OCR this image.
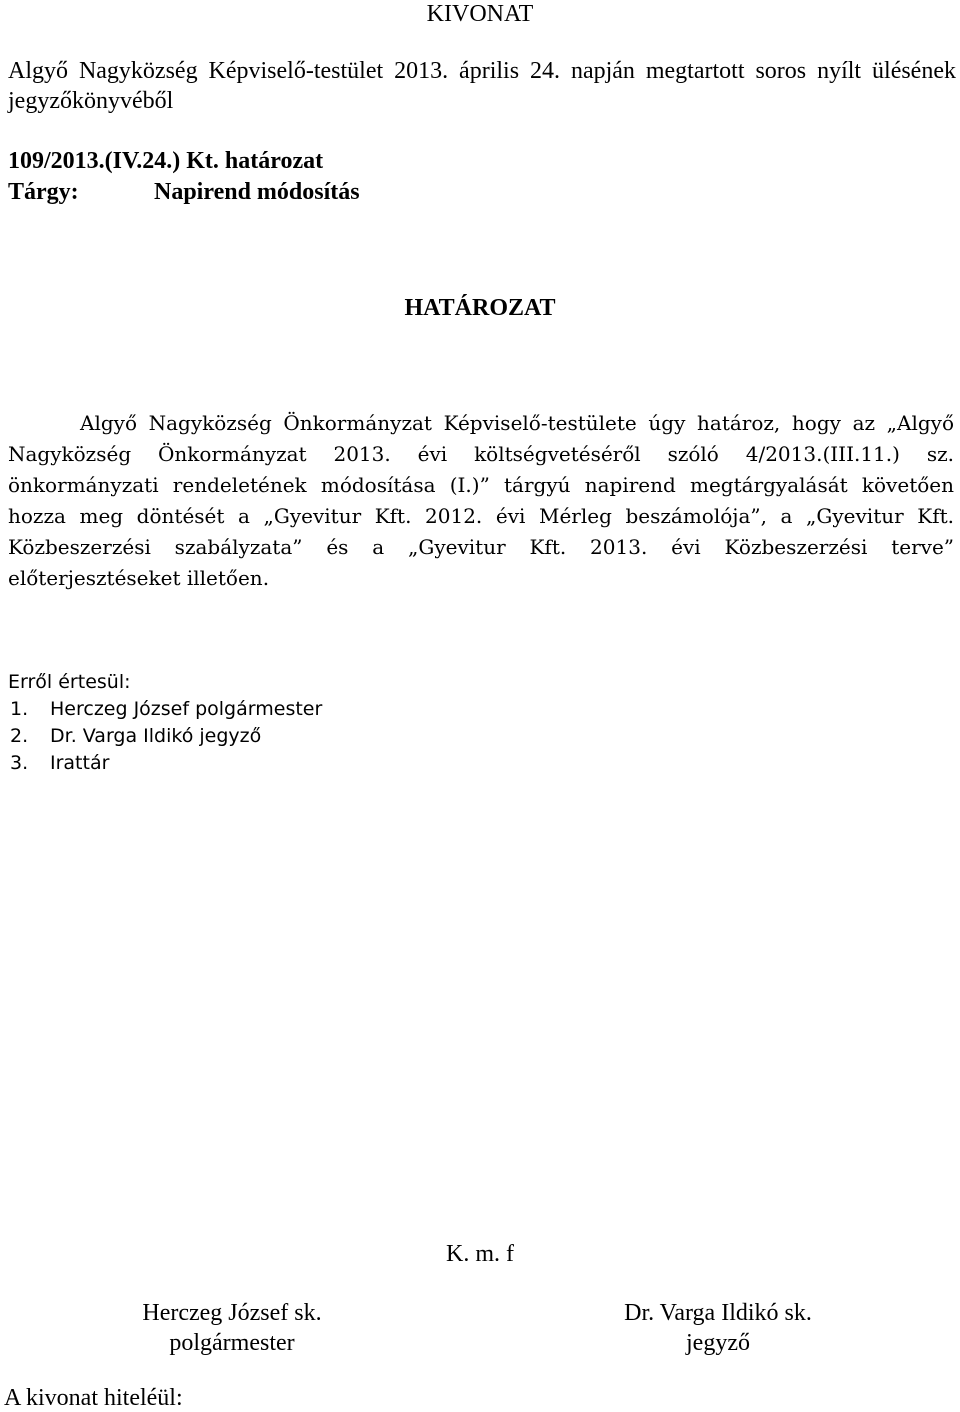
KIVONAT
Algyő Nagyközség Képviselő-testület 2013. április 24. napján megtartott soros nyílt ülésének jegyzőkönyvéből
109/2013.(IV.24.) Kt. határozat
Tárgy:	Napirend módosítás
HATÁROZAT
Algyő Nagyközség Önkormányzat Képviselő-testülete úgy határoz, hogy az „Algyő Nagyközség Önkormányzat 2013. évi költségvetéséről szóló 4/2013.(III.11.) sz. önkormányzati rendeletének módosítása (I.)” tárgyú napirend megtárgyalását követően hozza meg döntését a „Gyevitur Kft. 2012. évi Mérleg beszámolója”, a „Gyevitur Kft. Közbeszerzési szabályzata” és a „Gyevitur Kft. 2013. évi Közbeszerzési terve” előterjesztéseket illetően.
Erről értesül:
1. Herczeg József polgármester
2. Dr. Varga Ildikó jegyző
3. Irattár
K. m. f
Herczeg József sk.
polgármester
Dr. Varga Ildikó sk.
jegyző
A kivonat hiteléül:
